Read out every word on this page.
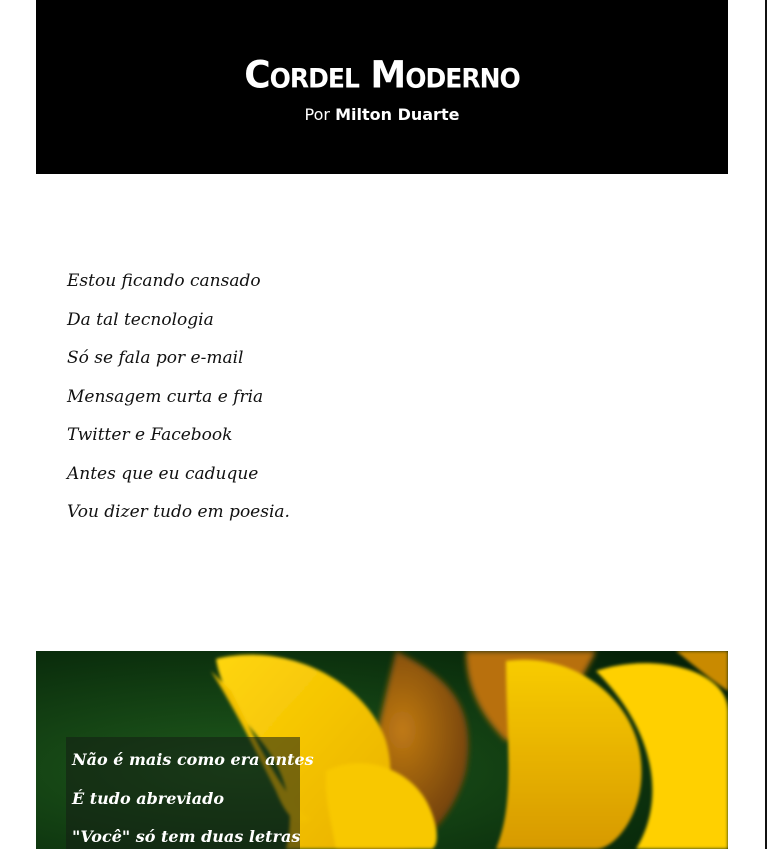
Cordel Moderno
Por Milton Duarte
Estou ficando cansado
Da tal tecnologia
Só se fala por e-mail
Mensagem curta e fria
Twitter e Facebook
Antes que eu caduque
Vou dizer tudo em poesia.
Não é mais como era antes
É tudo abreviado
"Você" só tem duas letras
